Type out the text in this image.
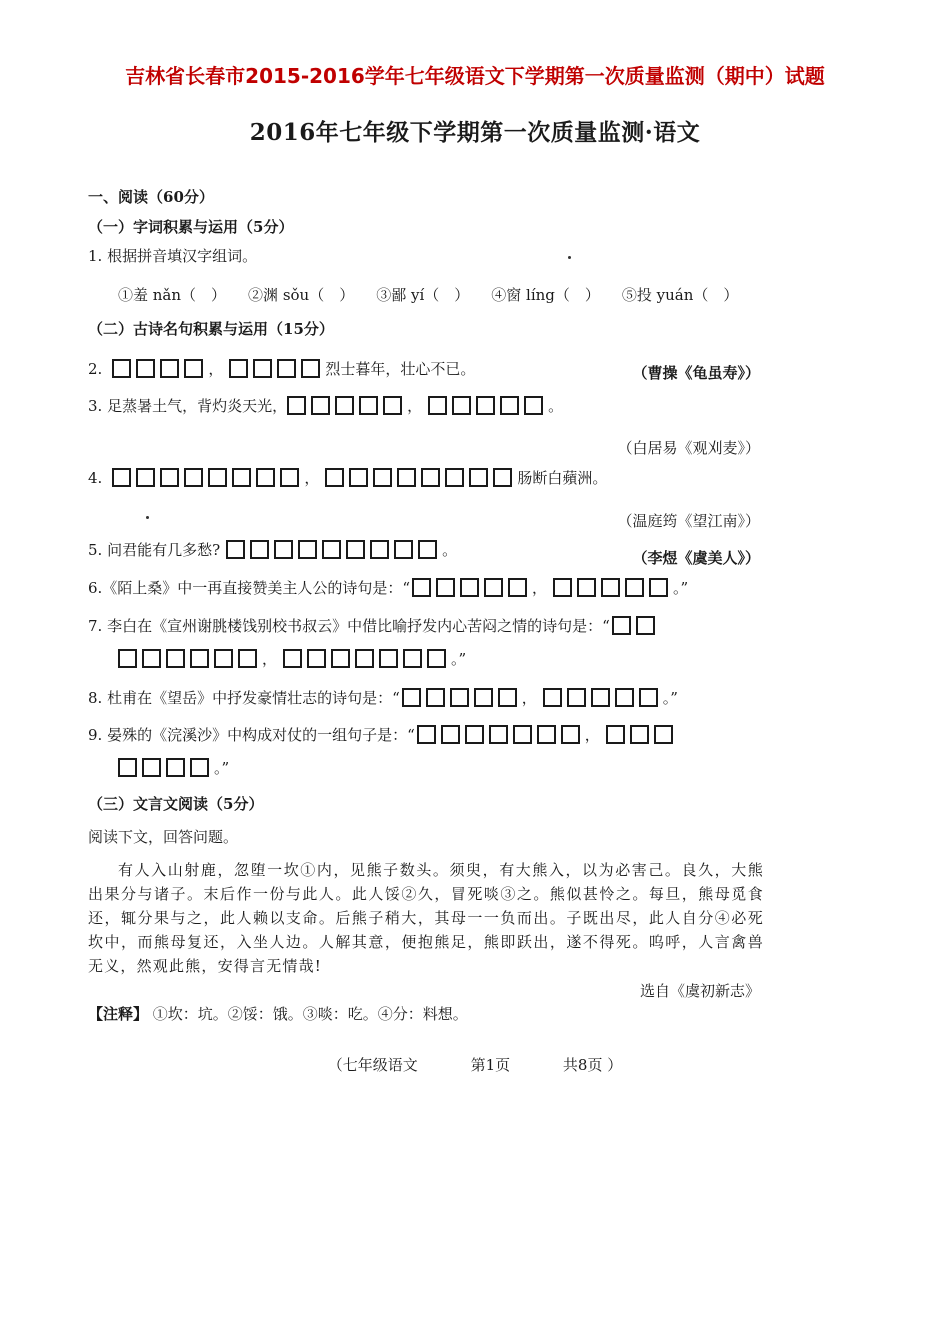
吉林省长春市2015-2016学年七年级语文下学期第一次质量监测（期中）试题
2016年七年级下学期第一次质量监测·语文
一、阅读（60分）
（一）字词积累与运用（5分）
1. 根据拼音填汉字组词。
①羞 nǎn（　） ②渊 sǒu（　） ③鄙 yí（　） ④窗 líng（　） ⑤投 yuán（　）
（二）古诗名句积累与运用（15分）
2.	，	烈士暮年，壮心不已。	（曹操《龟虽寿》）
3. 足蒸暑土气，背灼炎天光，	，	。
（白居易《观刈麦》）
4.	，	肠断白蘋洲。
（温庭筠《望江南》）
5. 问君能有几多愁?	。	（李煜《虞美人》）
6.《陌上桑》中一再直接赞美主人公的诗句是： “	，	。”
7. 李白在《宣州谢朓楼饯别校书叔云》中借比喻抒发内心苦闷之情的诗句是： “
，	。”
8. 杜甫在《望岳》中抒发豪情壮志的诗句是： “	，	。”
9. 晏殊的《浣溪沙》中构成对仗的一组句子是： “	，
。”
（三）文言文阅读（5分）
阅读下文，回答问题。
有人入山射鹿，忽堕一坎①内，见熊子数头。须臾，有大熊入，以为必害己。良久，大熊出果分与诸子。末后作一份与此人。此人馁②久，冒死啖③之。熊似甚怜之。每旦，熊母觅食还，辄分果与之，此人赖以支命。后熊子稍大，其母一一负而出。子既出尽，此人自分④必死坎中，而熊母复还，入坐人边。人解其意，便抱熊足，熊即跃出，遂不得死。呜呼，人言禽兽无义，然观此熊，安得言无情哉!
选自《虞初新志》
【注释】 ①坎：坑。②馁：饿。③啖：吃。④分：料想。
（七年级语文	第1页	共8页 ）
